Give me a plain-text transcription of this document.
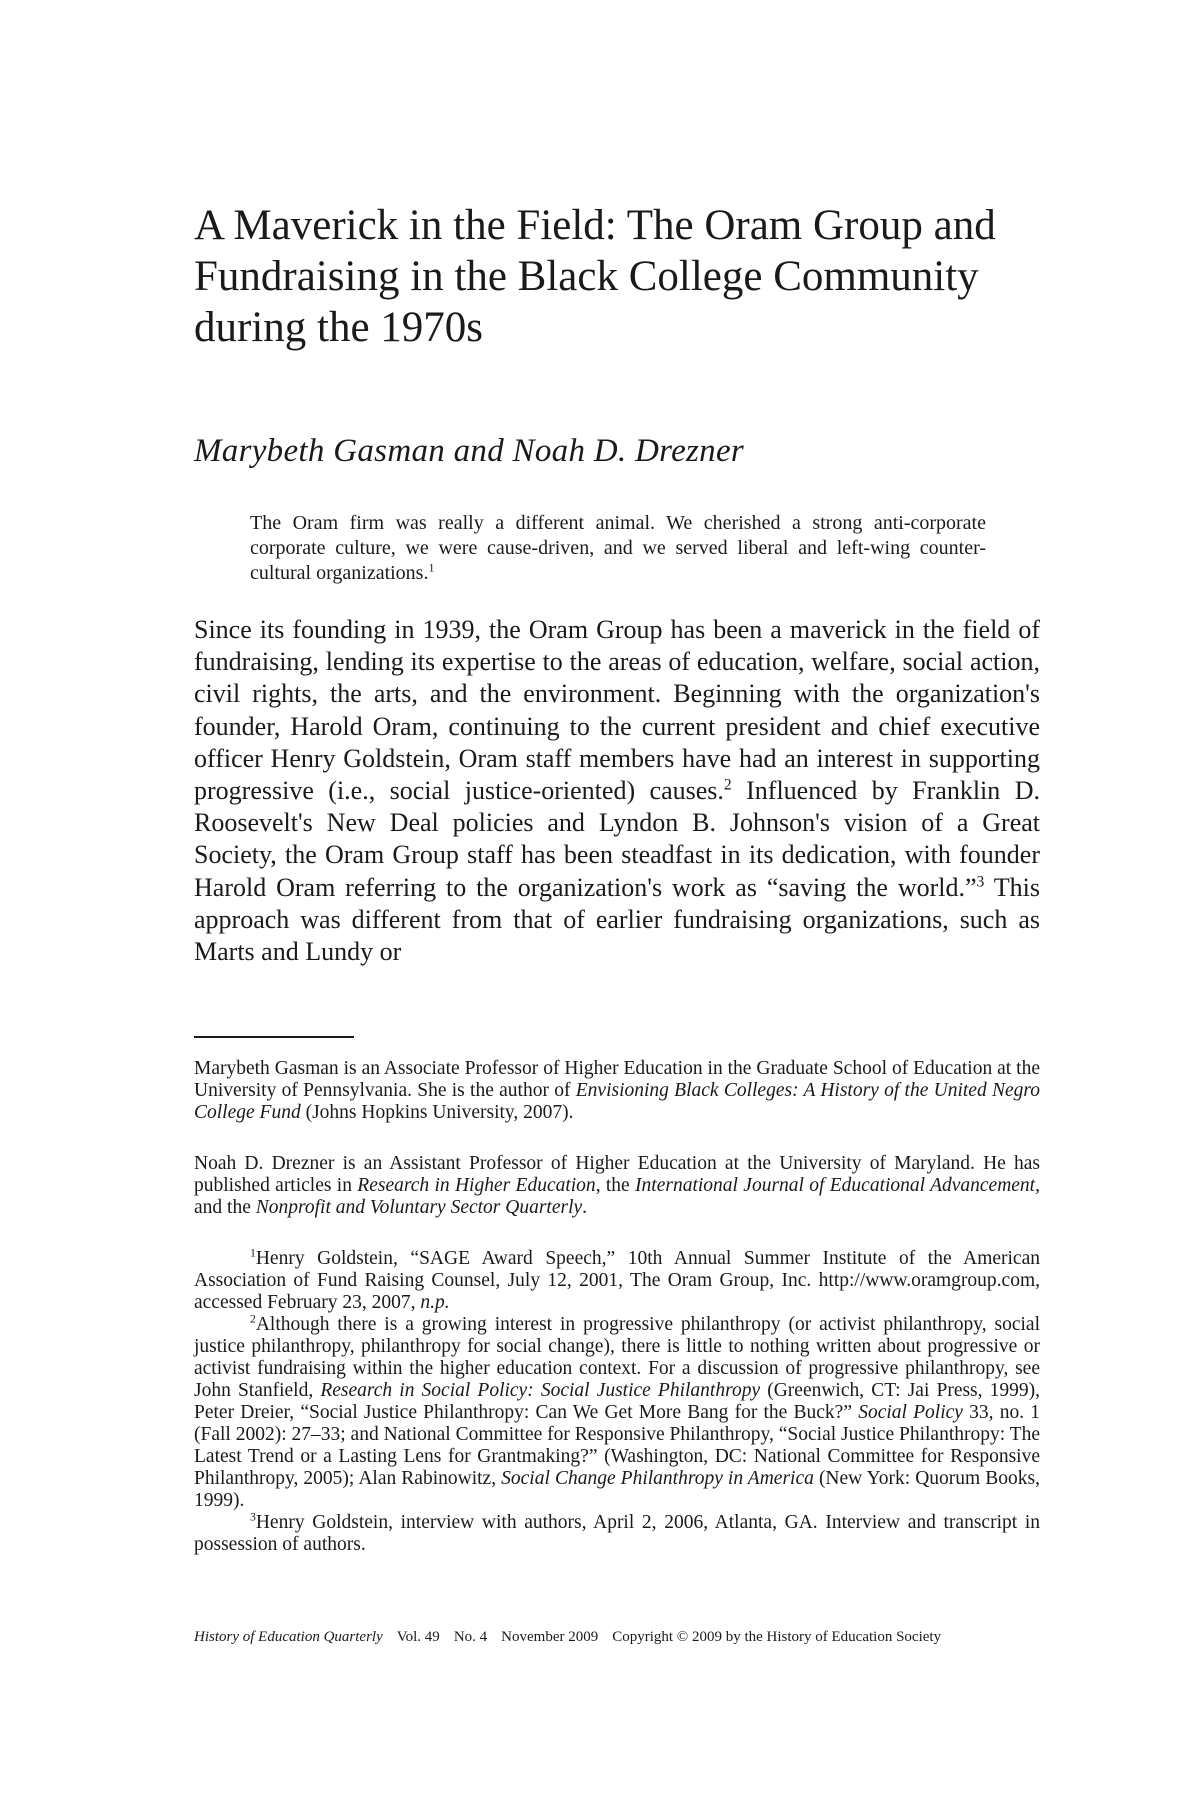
A Maverick in the Field: The Oram Group and Fundraising in the Black College Community during the 1970s

Marybeth Gasman and Noah D. Drezner

The Oram firm was really a different animal. We cherished a strong anti-corporate corporate culture, we were cause-driven, and we served liberal and left-wing counter-cultural organizations.$^1$

Since its founding in 1939, the Oram Group has been a maverick in the field of fundraising, lending its expertise to the areas of education, welfare, social action, civil rights, the arts, and the environment. Beginning with the organization's founder, Harold Oram, continuing to the current president and chief executive officer Henry Goldstein, Oram staff members have had an interest in supporting progressive (i.e., social justice-oriented) causes.$^2$ Influenced by Franklin D. Roosevelt's New Deal policies and Lyndon B. Johnson's vision of a Great Society, the Oram Group staff has been steadfast in its dedication, with founder Harold Oram referring to the organization's work as “saving the world.”$^3$ This approach was different from that of earlier fundraising organizations, such as Marts and Lundy or

Marybeth Gasman is an Associate Professor of Higher Education in the Graduate School of Education at the University of Pennsylvania. She is the author of Envisioning Black Colleges: A History of the United Negro College Fund (Johns Hopkins University, 2007).

Noah D. Drezner is an Assistant Professor of Higher Education at the University of Maryland. He has published articles in Research in Higher Education, the International Journal of Educational Advancement, and the Nonprofit and Voluntary Sector Quarterly.

$^1$Henry Goldstein, “SAGE Award Speech,” 10th Annual Summer Institute of the American Association of Fund Raising Counsel, July 12, 2001, The Oram Group, Inc. http://www.oramgroup.com, accessed February 23, 2007, n.p.

$^2$Although there is a growing interest in progressive philanthropy (or activist philanthropy, social justice philanthropy, philanthropy for social change), there is little to nothing written about progressive or activist fundraising within the higher education context. For a discussion of progressive philanthropy, see John Stanfield, Research in Social Policy: Social Justice Philanthropy (Greenwich, CT: Jai Press, 1999), Peter Dreier, “Social Justice Philanthropy: Can We Get More Bang for the Buck?” Social Policy 33, no. 1 (Fall 2002): 27–33; and National Committee for Responsive Philanthropy, “Social Justice Philanthropy: The Latest Trend or a Lasting Lens for Grantmaking?” (Washington, DC: National Committee for Responsive Philanthropy, 2005); Alan Rabinowitz, Social Change Philanthropy in America (New York: Quorum Books, 1999).

$^3$Henry Goldstein, interview with authors, April 2, 2006, Atlanta, GA. Interview and transcript in possession of authors.

History of Education Quarterly Vol. 49 No. 4 November 2009 Copyright © 2009 by the History of Education Society
